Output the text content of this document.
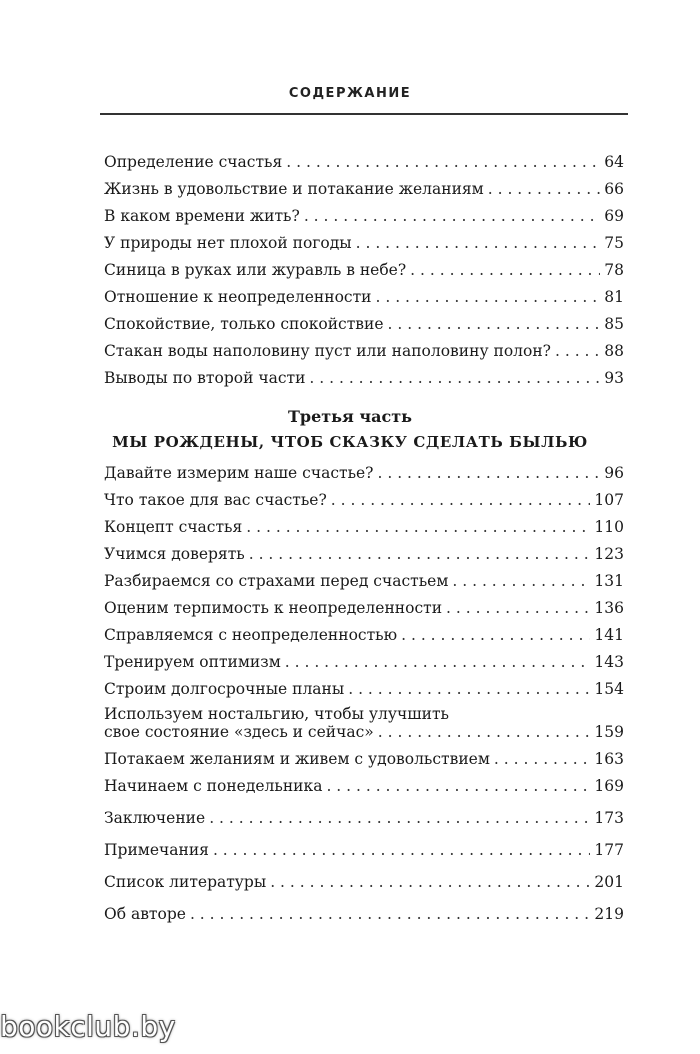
СОДЕРЖАНИЕ
Определение счастья . . .	64
Жизнь в удовольствие и потакание желаниям . . .	66
В каком времени жить? . . .	69
У природы нет плохой погоды . . .	75
Синица в руках или журавль в небе? . . .	78
Отношение к неопределенности . . .	81
Спокойствие, только спокойствие . . .	85
Стакан воды наполовину пуст или наполовину полон? . . .	88
Выводы по второй части . . .	93
Третья часть
МЫ РОЖДЕНЫ, ЧТОБ СКАЗКУ СДЕЛАТЬ БЫЛЬЮ
Давайте измерим наше счастье? . . .	96
Что такое для вас счастье? . . .	107
Концепт счастья . . .	110
Учимся доверять . . .	123
Разбираемся со страхами перед счастьем . . .	131
Оценим терпимость к неопределенности . . .	136
Справляемся с неопределенностью . . .	141
Тренируем оптимизм . . .	143
Строим долгосрочные планы . . .	154
Используем ностальгию, чтобы улучшить
свое состояние «здесь и сейчас» . . .	159
Потакаем желаниям и живем с удовольствием . . .	163
Начинаем с понедельника . . .	169
Заключение . . .	173
Примечания . . .	177
Список литературы . . .	201
Об авторе . . .	219
bookclub.by
